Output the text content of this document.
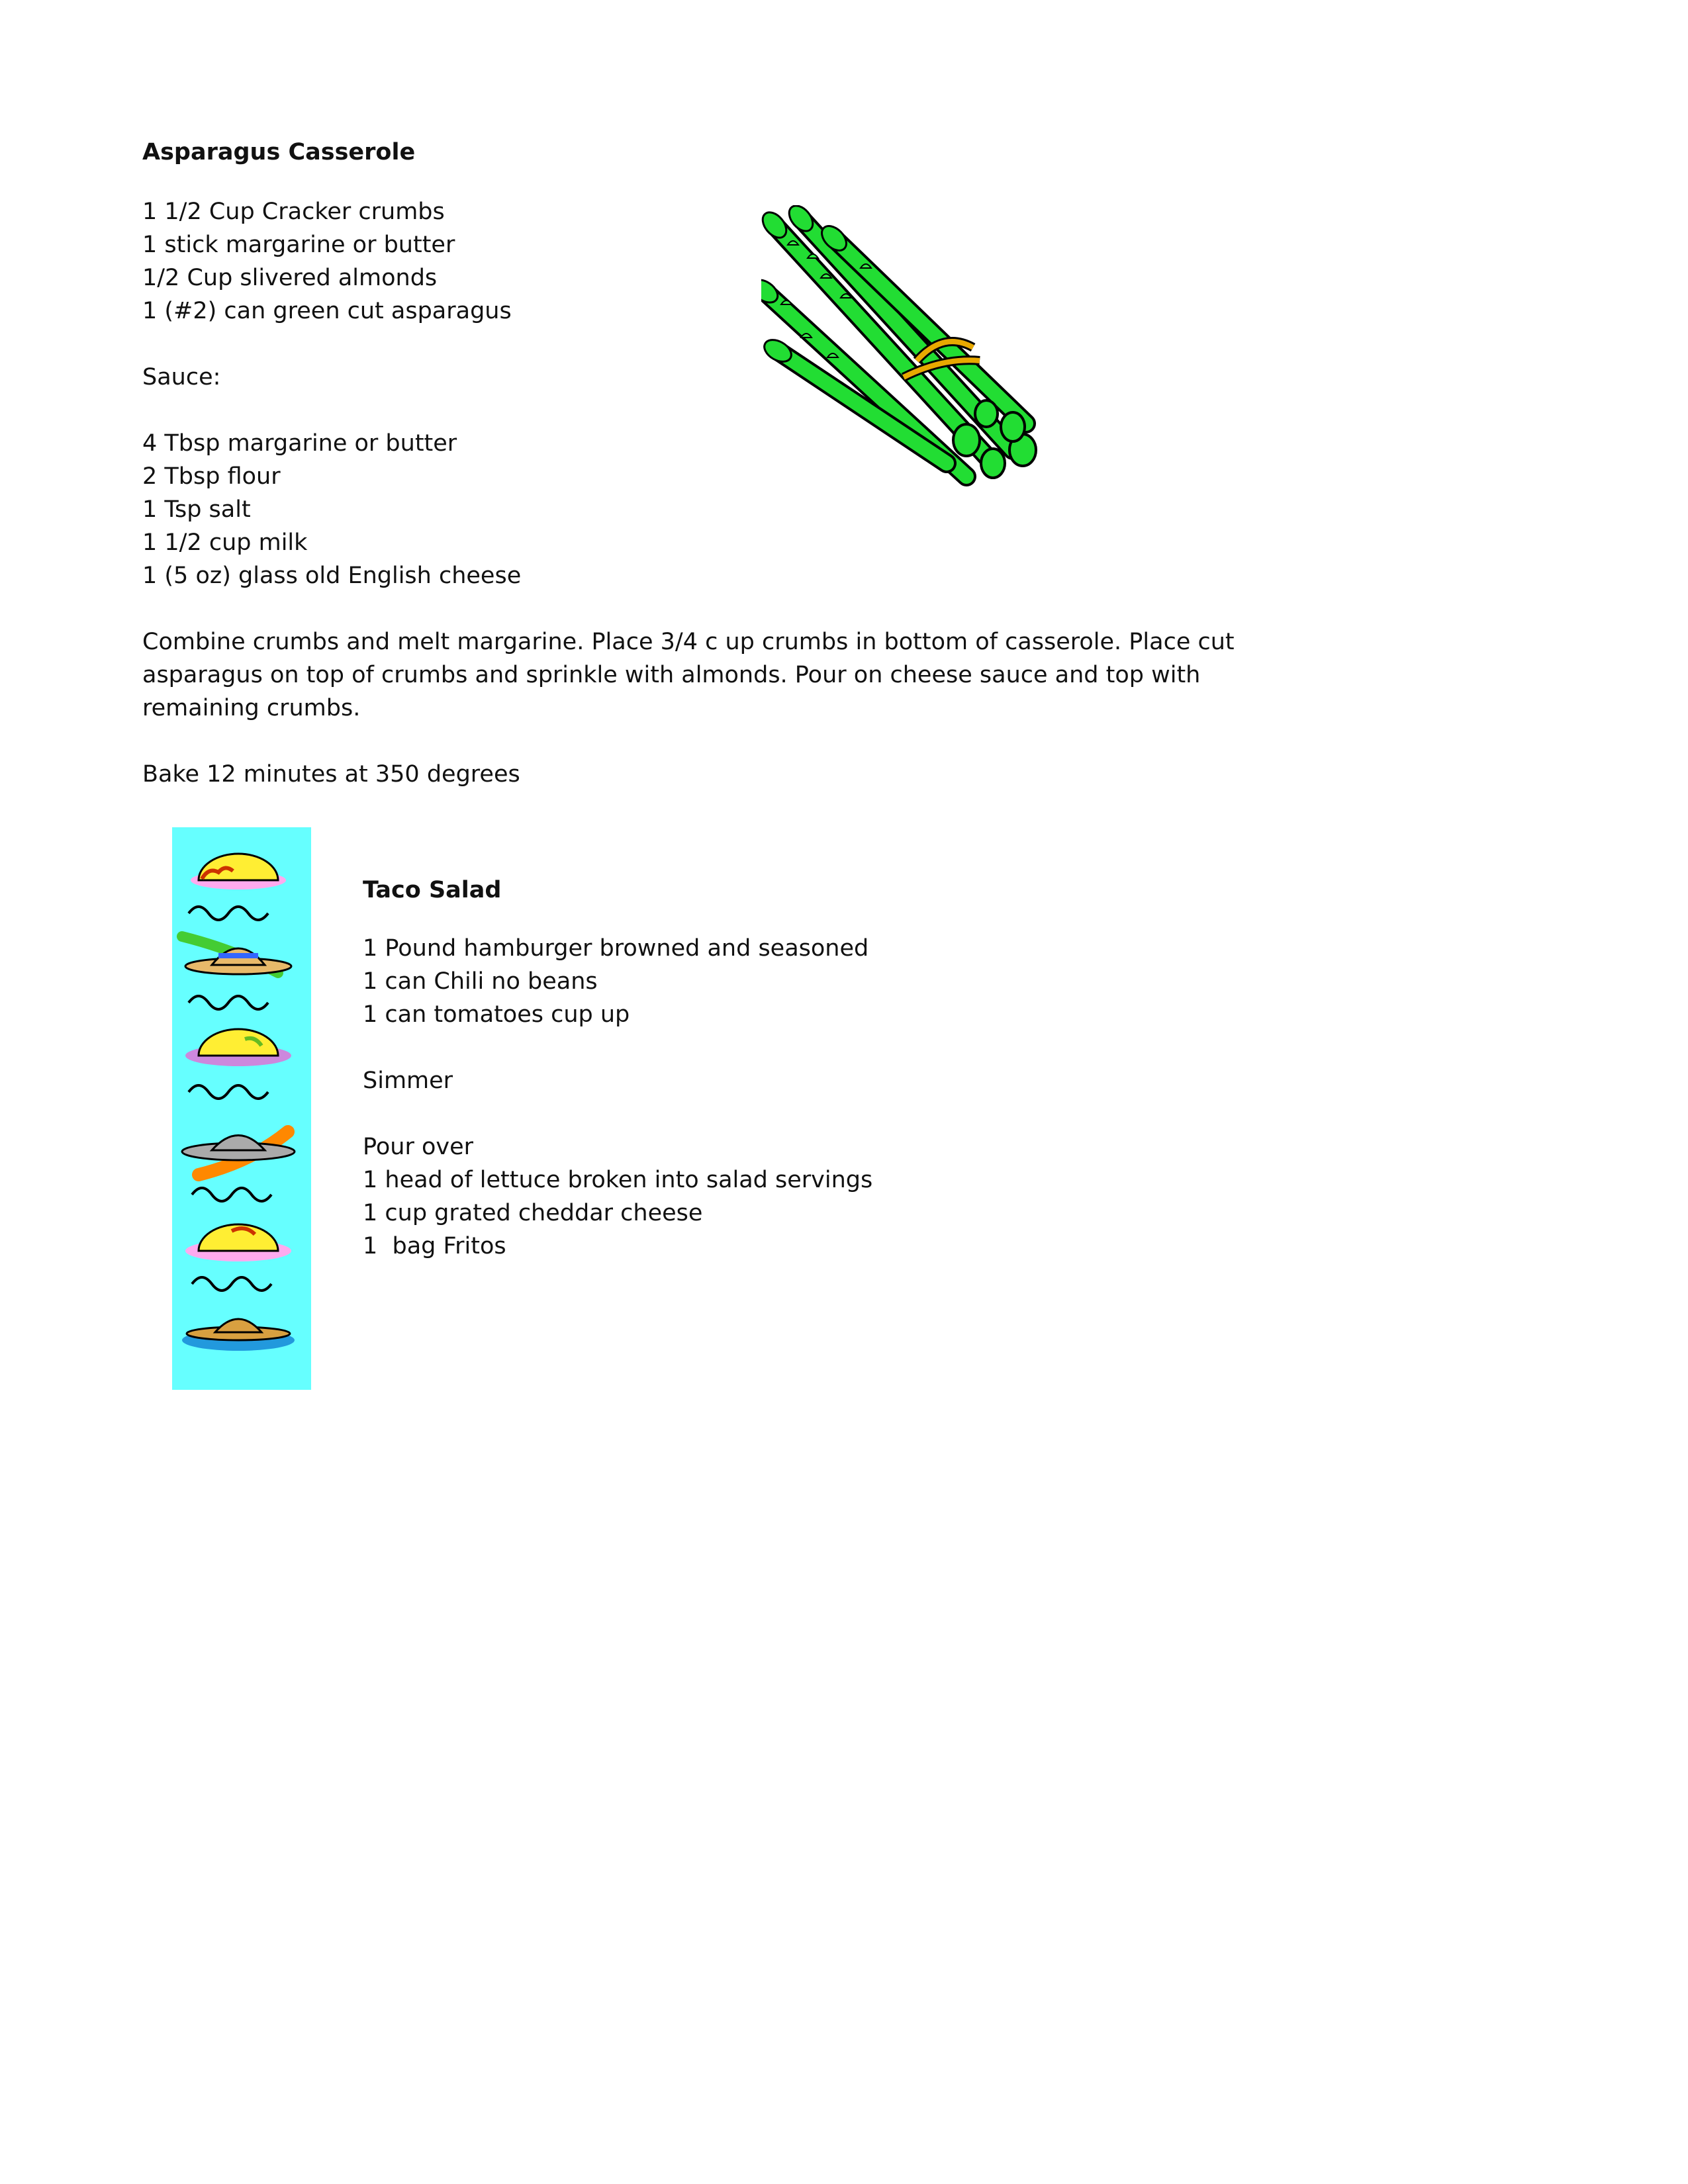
Asparagus Casserole
1 1/2 Cup Cracker crumbs
1 stick margarine or butter
1/2 Cup slivered almonds
1 (#2) can green cut asparagus
Sauce:
4 Tbsp margarine or butter
2 Tbsp flour
1 Tsp salt
1 1/2 cup milk
1 (5 oz) glass old English cheese

Combine crumbs and melt margarine. Place 3/4 c up crumbs in bottom of casserole. Place cut asparagus on top of crumbs and sprinkle with almonds. Pour on cheese sauce and top with remaining crumbs.

Bake 12 minutes at 350 degrees
Taco Salad
1 Pound hamburger browned and seasoned
1 can Chili no beans
1 can tomatoes cup up
Simmer
Pour over
1 head of lettuce broken into salad servings
1 cup grated cheddar cheese
1  bag Fritos
